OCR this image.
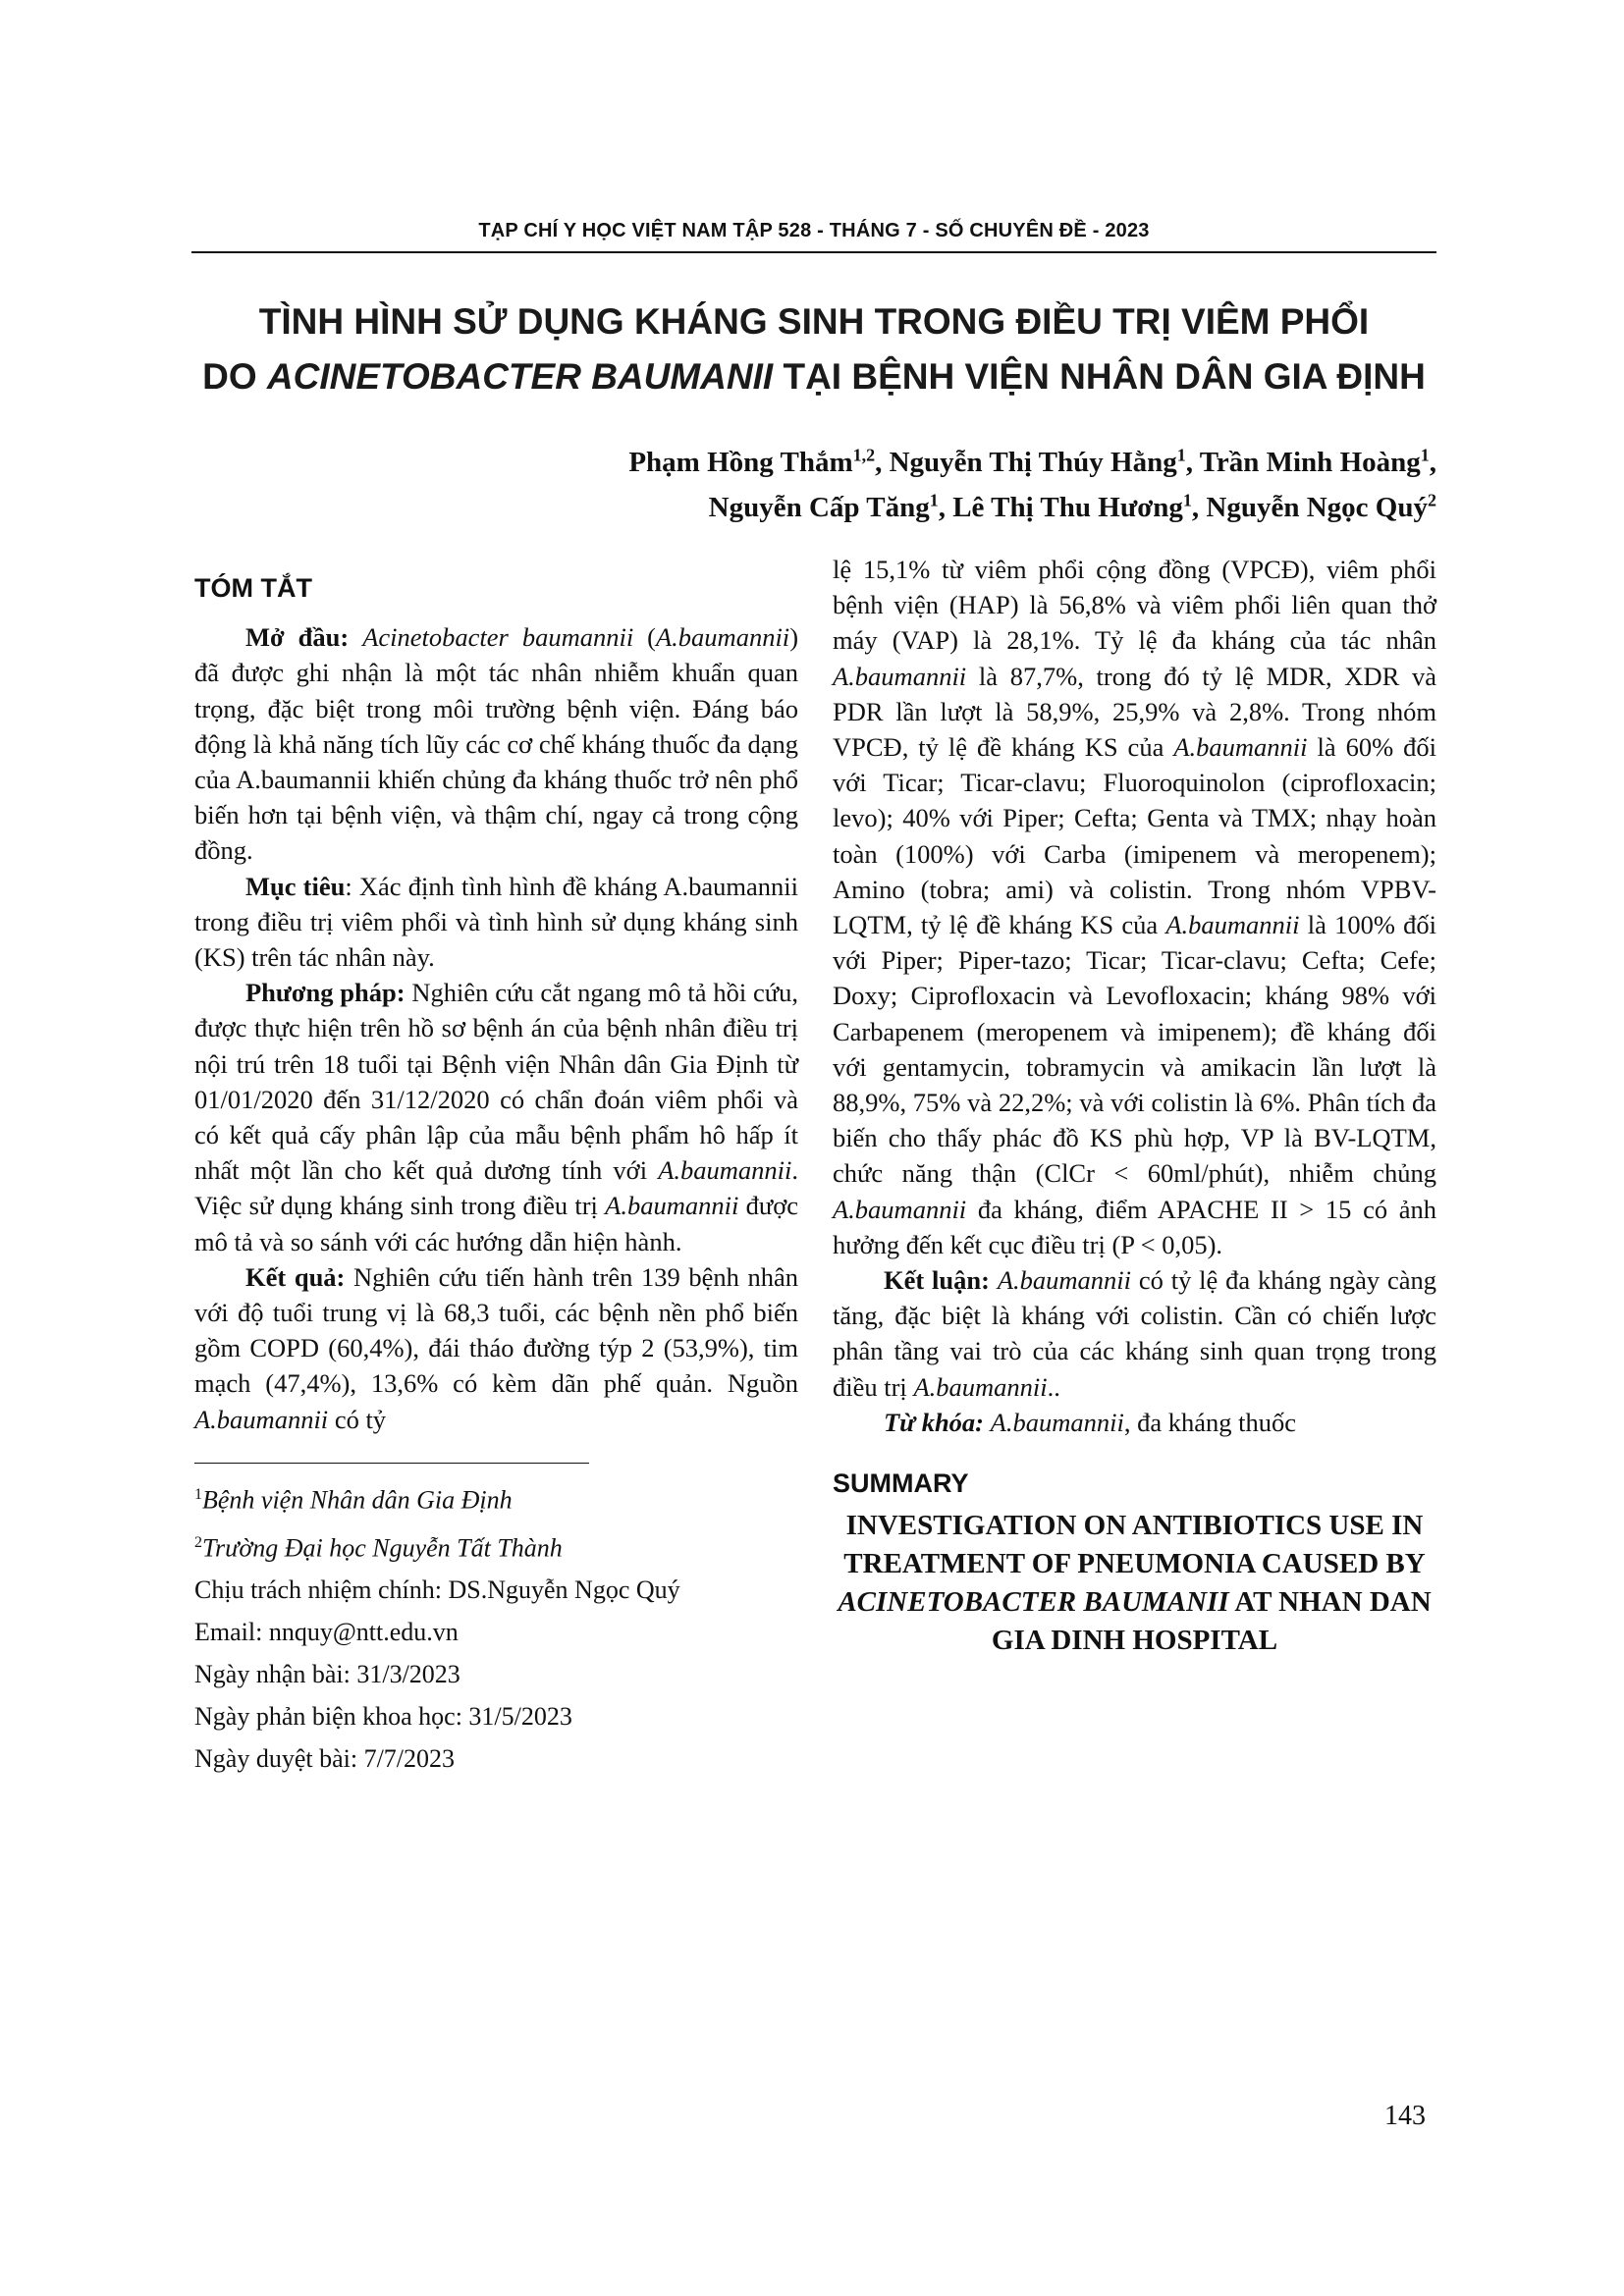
TẠP CHÍ Y HỌC VIỆT NAM TẬP 528 - THÁNG 7 - SỐ CHUYÊN ĐỀ - 2023
TÌNH HÌNH SỬ DỤNG KHÁNG SINH TRONG ĐIỀU TRỊ VIÊM PHỔI
DO ACINETOBACTER BAUMANII TẠI BỆNH VIỆN NHÂN DÂN GIA ĐỊNH
Phạm Hồng Thắm$^{1,2}$, Nguyễn Thị Thúy Hằng$^1$, Trần Minh Hoàng$^1$,
Nguyễn Cấp Tăng$^1$, Lê Thị Thu Hương$^1$, Nguyễn Ngọc Quý$^2$
TÓM TẮT

Mở đầu: Acinetobacter baumannii (A.baumannii) đã được ghi nhận là một tác nhân nhiễm khuẩn quan trọng, đặc biệt trong môi trường bệnh viện. Đáng báo động là khả năng tích lũy các cơ chế kháng thuốc đa dạng của A.baumannii khiến chủng đa kháng thuốc trở nên phổ biến hơn tại bệnh viện, và thậm chí, ngay cả trong cộng đồng.

Mục tiêu: Xác định tình hình đề kháng A.baumannii trong điều trị viêm phổi và tình hình sử dụng kháng sinh (KS) trên tác nhân này.

Phương pháp: Nghiên cứu cắt ngang mô tả hồi cứu, được thực hiện trên hồ sơ bệnh án của bệnh nhân điều trị nội trú trên 18 tuổi tại Bệnh viện Nhân dân Gia Định từ 01/01/2020 đến 31/12/2020 có chẩn đoán viêm phổi và có kết quả cấy phân lập của mẫu bệnh phẩm hô hấp ít nhất một lần cho kết quả dương tính với A.baumannii. Việc sử dụng kháng sinh trong điều trị A.baumannii được mô tả và so sánh với các hướng dẫn hiện hành.

Kết quả: Nghiên cứu tiến hành trên 139 bệnh nhân với độ tuổi trung vị là 68,3 tuổi, các bệnh nền phổ biến gồm COPD (60,4%), đái tháo đường týp 2 (53,9%), tim mạch (47,4%), 13,6% có kèm dãn phế quản. Nguồn A.baumannii có tỷ

$^1$Bệnh viện Nhân dân Gia Định
$^2$Trường Đại học Nguyễn Tất Thành
Chịu trách nhiệm chính: DS.Nguyễn Ngọc Quý
Email: nnquy@ntt.edu.vn
Ngày nhận bài: 31/3/2023
Ngày phản biện khoa học: 31/5/2023
Ngày duyệt bài: 7/7/2023
lệ 15,1% từ viêm phổi cộng đồng (VPCĐ), viêm phổi bệnh viện (HAP) là 56,8% và viêm phổi liên quan thở máy (VAP) là 28,1%. Tỷ lệ đa kháng của tác nhân A.baumannii là 87,7%, trong đó tỷ lệ MDR, XDR và PDR lần lượt là 58,9%, 25,9% và 2,8%. Trong nhóm VPCĐ, tỷ lệ đề kháng KS của A.baumannii là 60% đối với Ticar; Ticar-clavu; Fluoroquinolon (ciprofloxacin; levo); 40% với Piper; Cefta; Genta và TMX; nhạy hoàn toàn (100%) với Carba (imipenem và meropenem); Amino (tobra; ami) và colistin. Trong nhóm VPBV-LQTM, tỷ lệ đề kháng KS của A.baumannii là 100% đối với Piper; Piper-tazo; Ticar; Ticar-clavu; Cefta; Cefe; Doxy; Ciprofloxacin và Levofloxacin; kháng 98% với Carbapenem (meropenem và imipenem); đề kháng đối với gentamycin, tobramycin và amikacin lần lượt là 88,9%, 75% và 22,2%; và với colistin là 6%. Phân tích đa biến cho thấy phác đồ KS phù hợp, VP là BV-LQTM, chức năng thận (ClCr < 60ml/phút), nhiễm chủng A.baumannii đa kháng, điểm APACHE II > 15 có ảnh hưởng đến kết cục điều trị (P < 0,05).

Kết luận: A.baumannii có tỷ lệ đa kháng ngày càng tăng, đặc biệt là kháng với colistin. Cần có chiến lược phân tầng vai trò của các kháng sinh quan trọng trong điều trị A.baumannii..

Từ khóa: A.baumannii, đa kháng thuốc

SUMMARY

INVESTIGATION ON ANTIBIOTICS USE IN TREATMENT OF PNEUMONIA CAUSED BY ACINETOBACTER BAUMANII AT NHAN DAN GIA DINH HOSPITAL

143
